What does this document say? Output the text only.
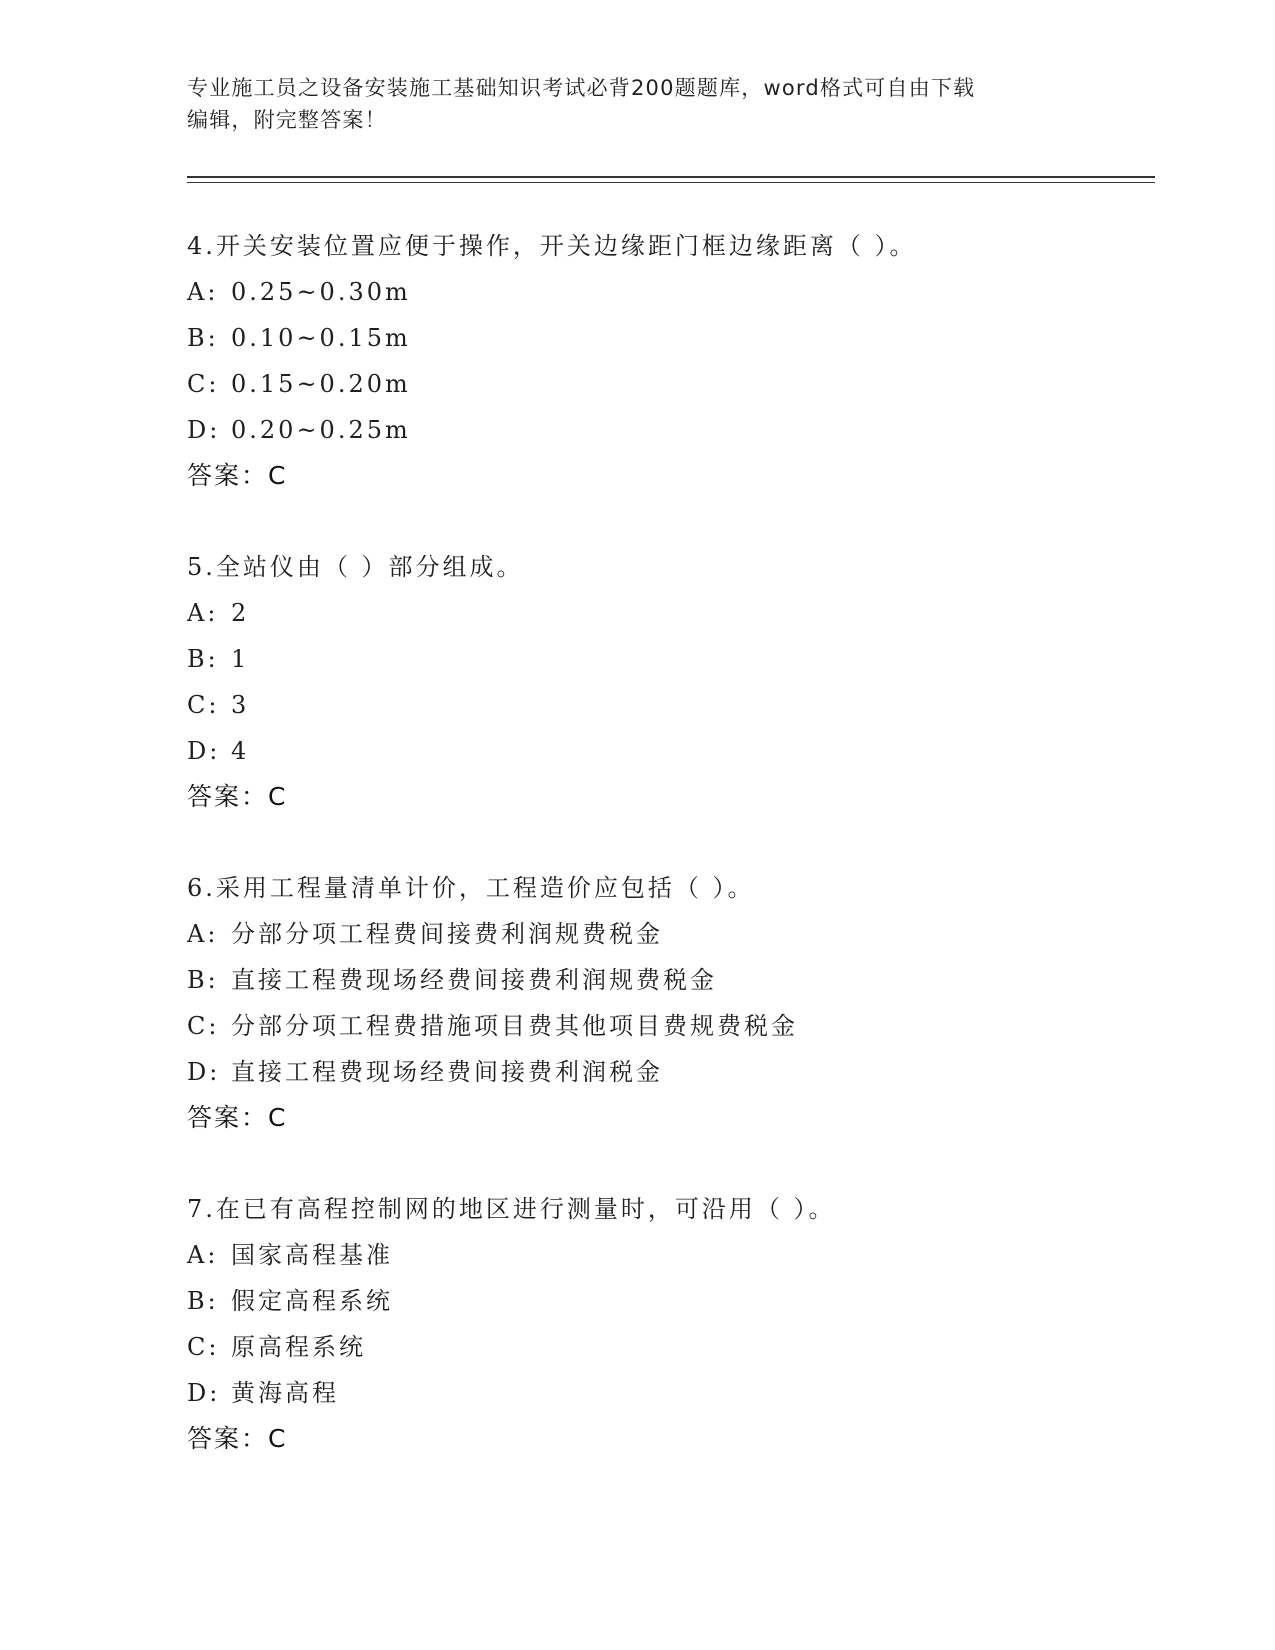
专业施工员之设备安装施工基础知识考试必背200题题库，word格式可自由下载
编辑，附完整答案！
4.开关安装位置应便于操作，开关边缘距门框边缘距离（ ）。
A: 0.25~0.30m
B: 0.10~0.15m
C: 0.15~0.20m
D: 0.20~0.25m
答案：C
5.全站仪由（ ）部分组成。
A: 2
B: 1
C: 3
D: 4
答案：C
6.采用工程量清单计价，工程造价应包括（ ）。
A: 分部分项工程费间接费利润规费税金
B: 直接工程费现场经费间接费利润规费税金
C: 分部分项工程费措施项目费其他项目费规费税金
D: 直接工程费现场经费间接费利润税金
答案：C
7.在已有高程控制网的地区进行测量时，可沿用（ ）。
A: 国家高程基准
B: 假定高程系统
C: 原高程系统
D: 黄海高程
答案：C
